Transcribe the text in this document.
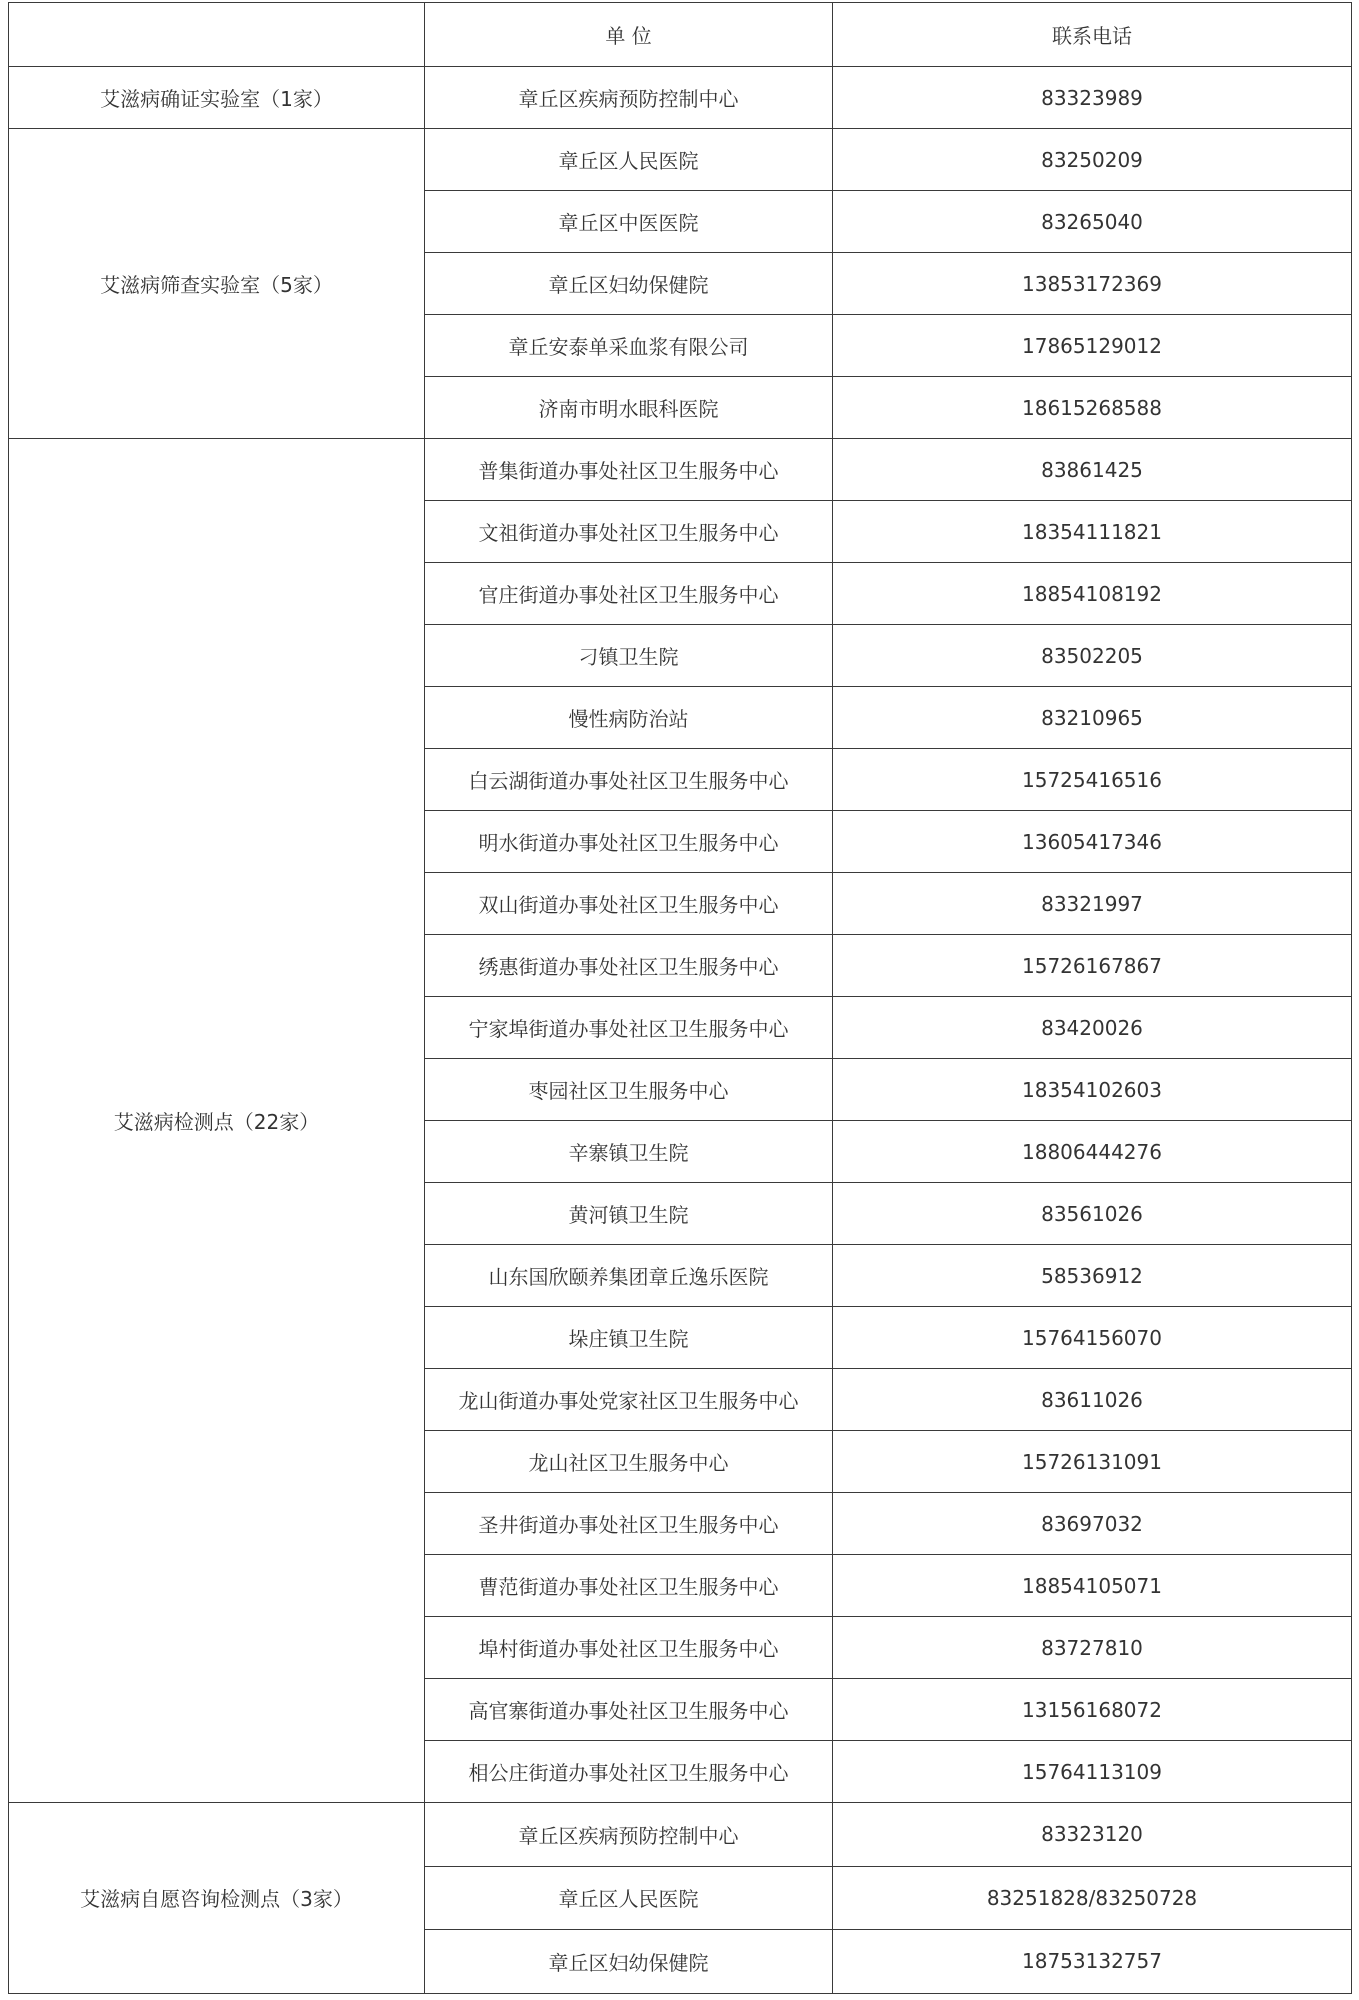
	单 位	联系电话
艾滋病确证实验室（1家）	章丘区疾病预防控制中心	83323989
艾滋病筛查实验室（5家）	章丘区人民医院	83250209
	章丘区中医医院	83265040
	章丘区妇幼保健院	13853172369
	章丘安泰单采血浆有限公司	17865129012
	济南市明水眼科医院	18615268588
艾滋病检测点（22家）	普集街道办事处社区卫生服务中心	83861425
	文祖街道办事处社区卫生服务中心	18354111821
	官庄街道办事处社区卫生服务中心	18854108192
	刁镇卫生院	83502205
	慢性病防治站	83210965
	白云湖街道办事处社区卫生服务中心	15725416516
	明水街道办事处社区卫生服务中心	13605417346
	双山街道办事处社区卫生服务中心	83321997
	绣惠街道办事处社区卫生服务中心	15726167867
	宁家埠街道办事处社区卫生服务中心	83420026
	枣园社区卫生服务中心	18354102603
	辛寨镇卫生院	18806444276
	黄河镇卫生院	83561026
	山东国欣颐养集团章丘逸乐医院	58536912
	垛庄镇卫生院	15764156070
	龙山街道办事处党家社区卫生服务中心	83611026
	龙山社区卫生服务中心	15726131091
	圣井街道办事处社区卫生服务中心	83697032
	曹范街道办事处社区卫生服务中心	18854105071
	埠村街道办事处社区卫生服务中心	83727810
	高官寨街道办事处社区卫生服务中心	13156168072
	相公庄街道办事处社区卫生服务中心	15764113109
艾滋病自愿咨询检测点（3家）	章丘区疾病预防控制中心	83323120
	章丘区人民医院	83251828/83250728
	章丘区妇幼保健院	18753132757
